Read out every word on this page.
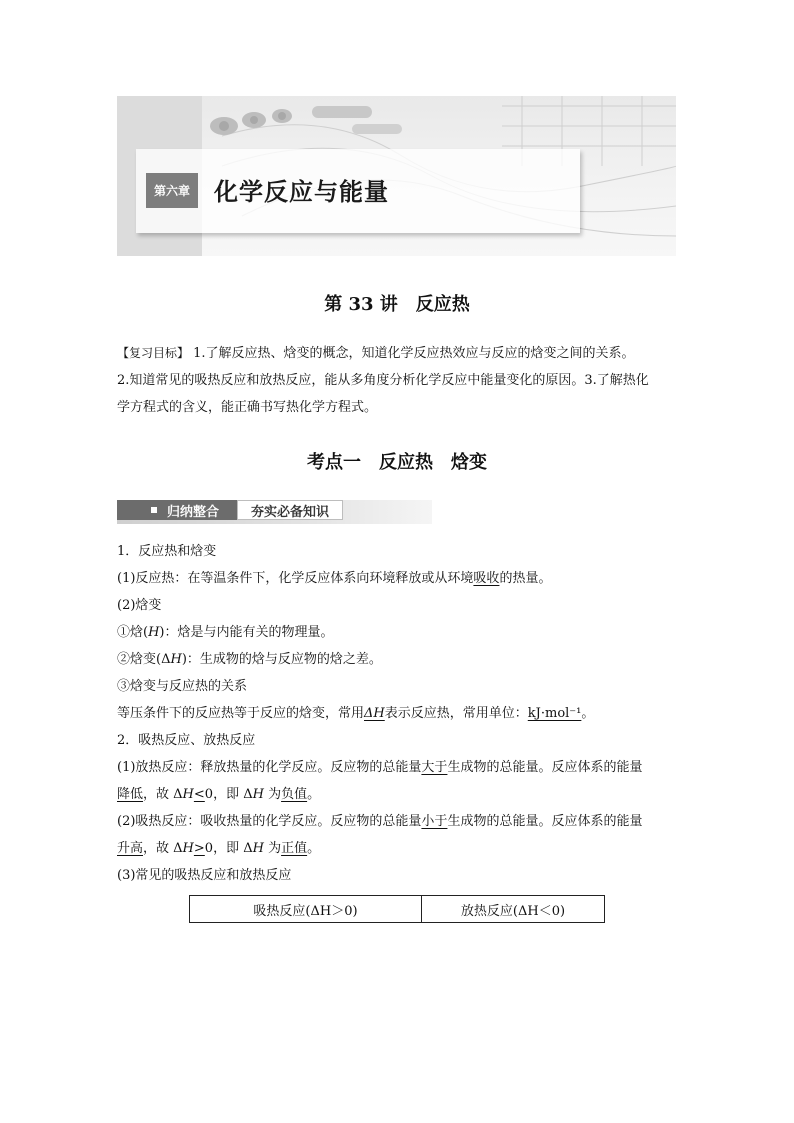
第六章	化学反应与能量
第 33 讲　反应热
【复习目标】 1.了解反应热、焓变的概念，知道化学反应热效应与反应的焓变之间的关系。
2.知道常见的吸热反应和放热反应，能从多角度分析化学反应中能量变化的原因。3.了解热化
学方程式的含义，能正确书写热化学方程式。
考点一　反应热　焓变
归纳整合	夯实必备知识
1．反应热和焓变
(1)反应热：在等温条件下，化学反应体系向环境释放或从环境吸收的热量。
(2)焓变
①焓(H)：焓是与内能有关的物理量。
②焓变(ΔH)：生成物的焓与反应物的焓之差。
③焓变与反应热的关系
等压条件下的反应热等于反应的焓变，常用ΔH表示反应热，常用单位：kJ·mol⁻¹。
2．吸热反应、放热反应
(1)放热反应：释放热量的化学反应。反应物的总能量大于生成物的总能量。反应体系的能量
降低，故 ΔH<0，即 ΔH 为负值。
(2)吸热反应：吸收热量的化学反应。反应物的总能量小于生成物的总能量。反应体系的能量
升高，故 ΔH>0，即 ΔH 为正值。
(3)常见的吸热反应和放热反应
吸热反应(ΔH＞0)	放热反应(ΔH＜0)
